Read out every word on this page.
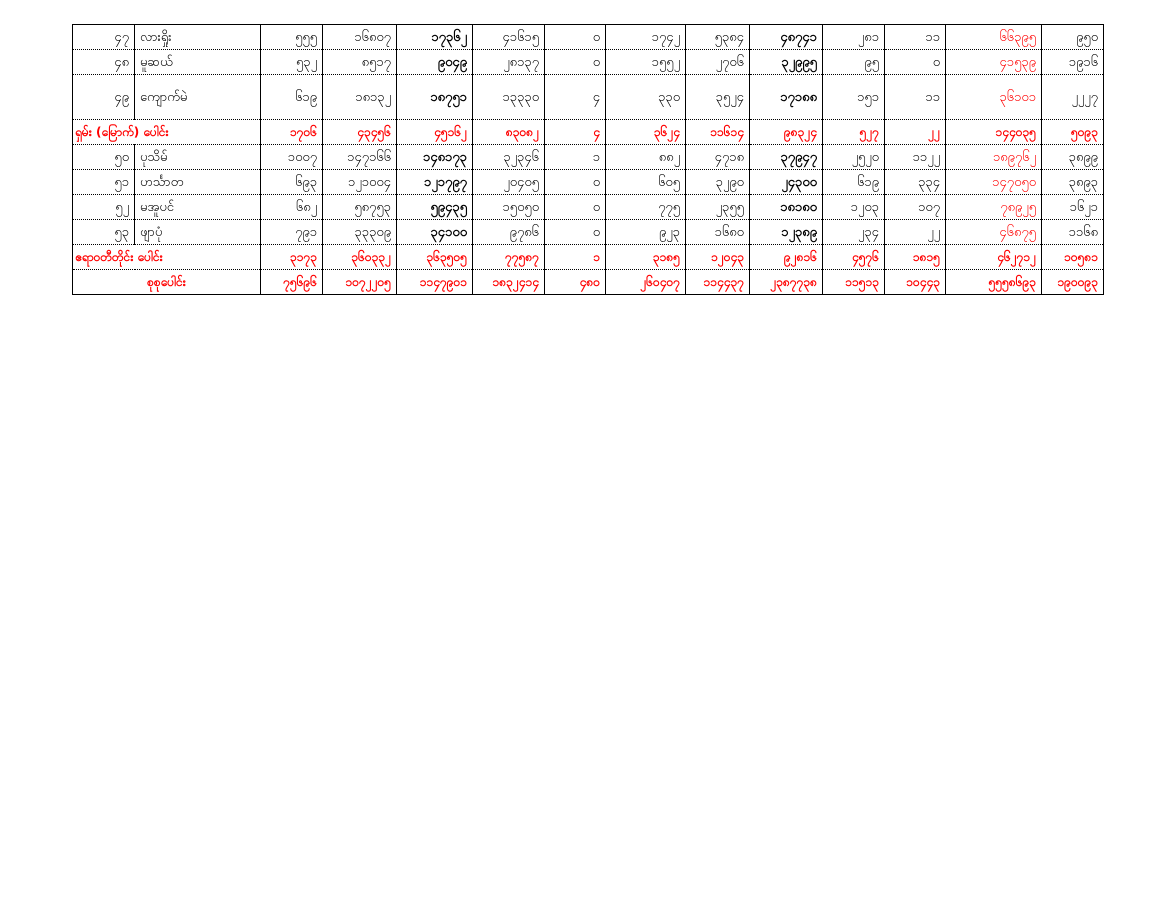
၄၇	လားရှိုး	၅၅၅	၁၆၈၀၇	၁၇၃၆၂	၄၁၆၁၅	၀	၁၇၄၂	၅၃၈၄	၄၈၇၄၁	၂၈၁	၁၁	၆၆၃၉၅	၉၅၀
၄၈	မူဆယ်	၅၃၂	၈၅၁၇	၉၀၄၉	၂၈၁၃၇	၀	၁၅၅၂	၂၇၀၆	၃၂၉၉၅	၉၅	၀	၄၁၅၃၉	၁၉၁၆
၄၉	ကျောက်မဲ	၆၁၉	၁၈၁၃၂	၁၈၇၅၁	၁၃၃၃၀	၄	၃၃၀	၃၅၂၄	၁၇၁၈၈	၁၅၁	၁၁	၃၆၁၀၁	၂၂၂၇
ရှမ်း (မြောက်) ပေါင်း		၁၇၀၆	၄၃၄၅၆	၄၅၁၆၂	၈၃၀၈၂	၄	၃၆၂၄	၁၁၆၁၄	၉၈၃၂၄	၅၂၇	၂၂	၁၄၄၀၃၅	၅၀၉၃
၅၀	ပုသိမ်	၁၀၀၇	၁၄၇၁၆၆	၁၄၈၁၇၃	၃၂၃၄၆	၁	၈၈၂	၄၇၁၈	၃၇၉၄၇	၂၅၂၀	၁၁၂၂	၁၈၉၇၆၂	၃၈၉၉
၅၁	ဟင်္သာတ	၆၉၃	၁၂၁၀၀၄	၁၂၁၇၉၇	၂၀၄၀၅	၀	၆၀၅	၃၂၉၀	၂၄၃၀၀	၆၁၉	၃၃၄	၁၄၇၀၅၀	၃၈၉၃
၅၂	မအူပင်	၆၈၂	၅၈၇၅၃	၅၉၄၃၅	၁၅၀၅၀	၀	၇၇၅	၂၃၅၅	၁၈၁၈၀	၁၂၀၃	၁၀၇	၇၈၉၂၅	၁၆၂၁
၅၃	ဖျာပုံ	၇၉၁	၃၃၃၀၉	၃၄၁၀၀	၉၇၈၆	၀	၉၂၃	၁၆၈၀	၁၂၃၈၉	၂၃၄	၂၂	၄၆၈၇၅	၁၁၆၈
ဧရာဝတီတိုင်း ပေါင်း		၃၁၇၃	၃၆၀၃၃၂	၃၆၃၅၀၅	၇၇၅၈၇	၁	၃၁၈၅	၁၂၀၄၃	၉၂၈၁၆	၄၅၇၆	၁၈၁၅	၄၆၂၇၁၂	၁၀၅၈၁
စုစုပေါင်း		၇၅၆၉၆	၁၀၇၂၂၀၅	၁၁၄၇၉၀၁	၁၈၃၂၄၁၄	၄၈၀	၂၆၀၄၀၇	၁၁၄၄၃၇	၂၃၈၇၇၃၈	၁၁၅၁၃	၁၀၄၄၃	၅၅၅၈၆၉၃	၁၉၀၀၉၃
